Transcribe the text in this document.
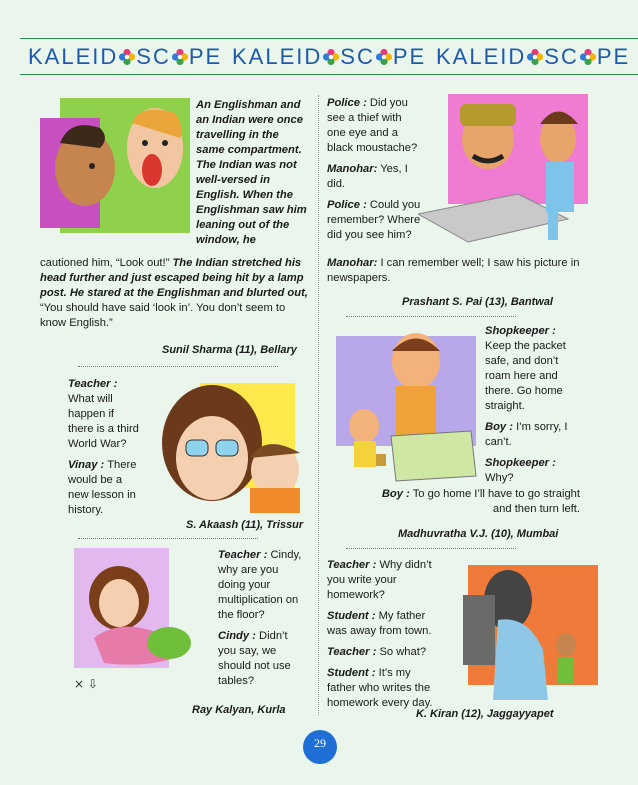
KALEID SC PE KALEID SC PE KALEID SC PE
An Englishman and an Indian were once travelling in the same compartment. The Indian was not well-versed in English. When the Englishman saw him leaning out of the window, he
cautioned him, “Look out!” The Indian stretched his head further and just escaped being hit by a lamp post. He stared at the Englishman and blurted out, “You should have said ‘look in’. You don’t seem to know English.”
Sunil Sharma (11), Bellary

Teacher : What will happen if there is a third World War?

Vinay : There would be a new lesson in history.

S. Akaash (11), Trissur
× ⇩

Teacher : Cindy, why are you doing your multiplication on the floor?

Cindy : Didn’t you say, we should not use tables?

Ray Kalyan, Kurla

Police : Did you see a thief with one eye and a black moustache?

Manohar: Yes, I did.

Police : Could you remember? Where did you see him?

Manohar: I can remember well; I saw his picture in newspapers.
Prashant S. Pai (13), Bantwal

Shopkeeper : Keep the packet safe, and don’t roam here and there. Go home straight.

Boy : I’m sorry, I can’t.

Shopkeeper : Why?

Boy : To go home I’ll have to go straight and then turn left.
Madhuvratha V.J. (10), Mumbai

Teacher : Why didn’t you write your homework?

Student : My father was away from town.

Teacher : So what?

Student : It’s my father who writes the homework every day.

K. Kiran (12), Jaggayyapet
29
